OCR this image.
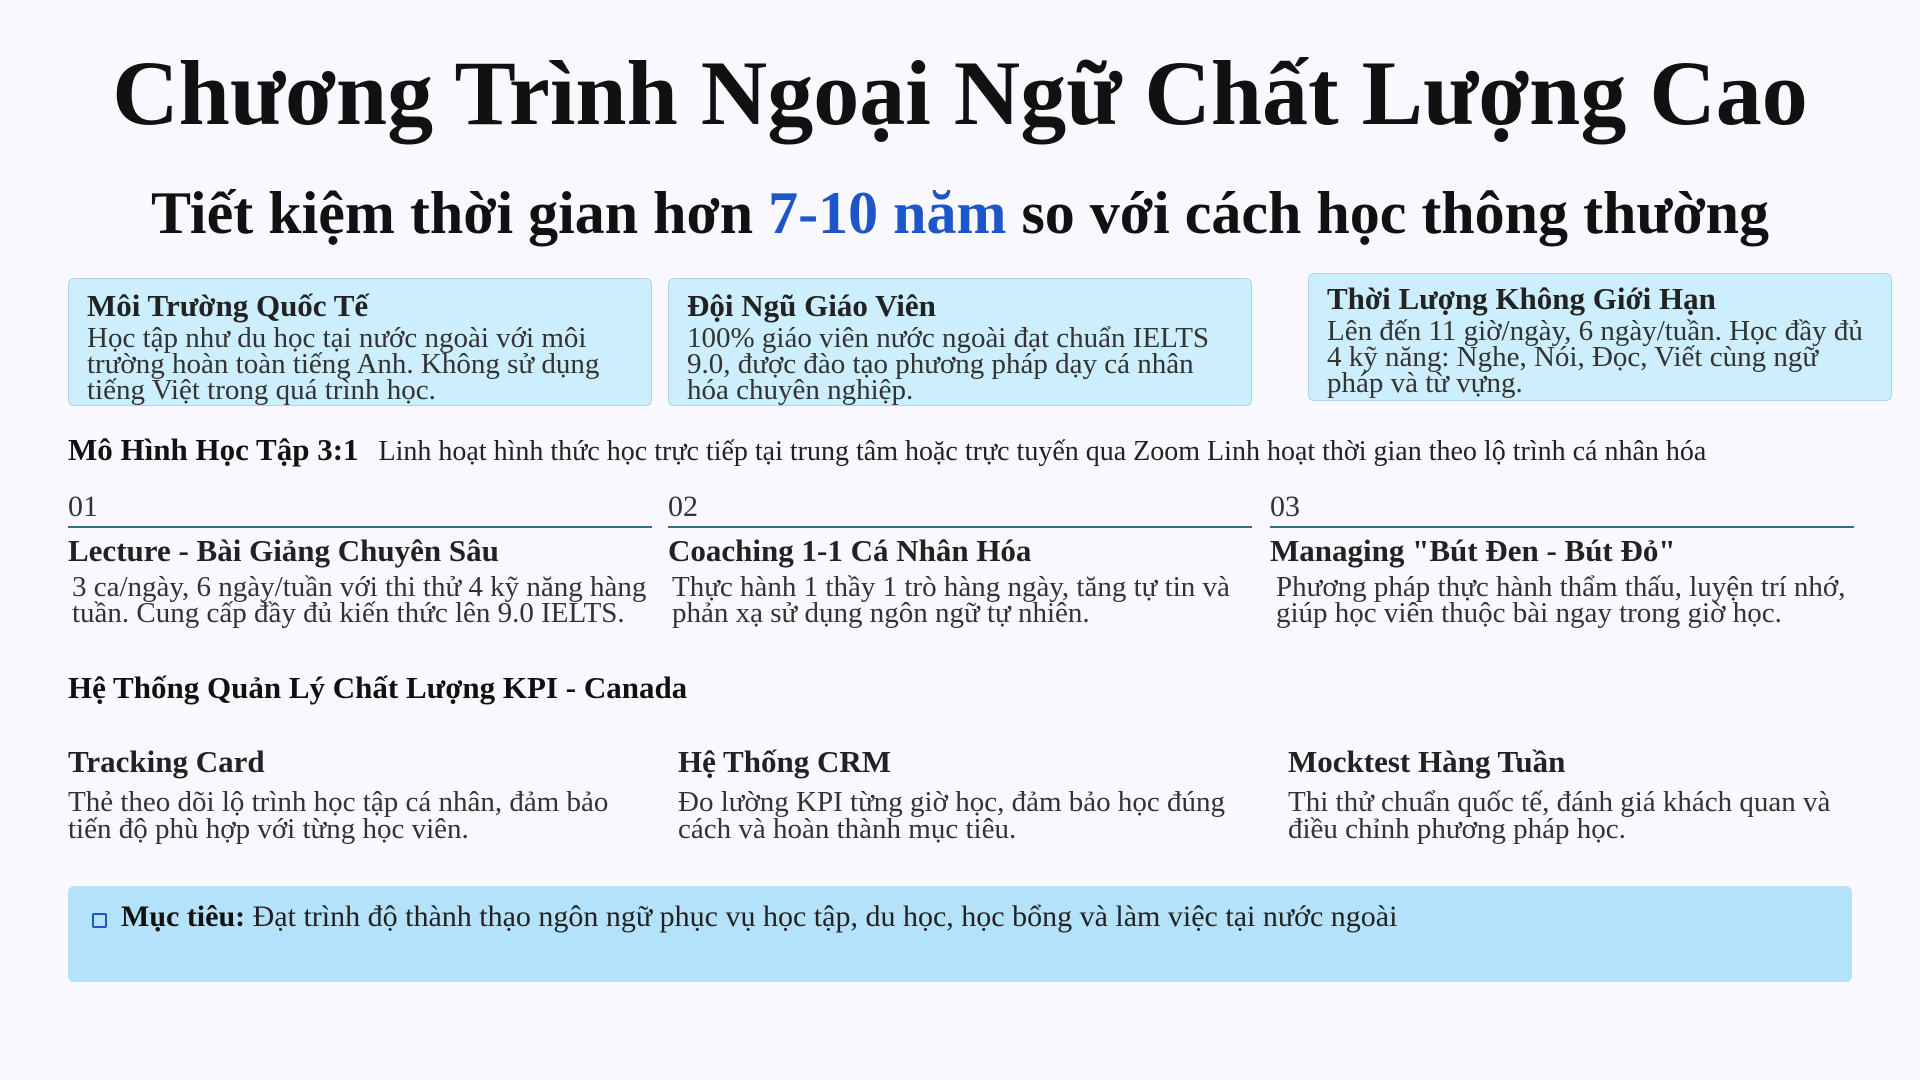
Chương Trình Ngoại Ngữ Chất Lượng Cao
Tiết kiệm thời gian hơn 7-10 năm so với cách học thông thường
Môi Trường Quốc Tế

Học tập như du học tại nước ngoài với môi trường hoàn toàn tiếng Anh. Không sử dụng tiếng Việt trong quá trình học.

Đội Ngũ Giáo Viên

100% giáo viên nước ngoài đạt chuẩn IELTS 9.0, được đào tạo phương pháp dạy cá nhân hóa chuyên nghiệp.

Thời Lượng Không Giới Hạn

Lên đến 11 giờ/ngày, 6 ngày/tuần. Học đầy đủ 4 kỹ năng: Nghe, Nói, Đọc, Viết cùng ngữ pháp và từ vựng.

Mô Hình Học Tập 3:1 Linh hoạt hình thức học trực tiếp tại trung tâm hoặc trực tuyến qua Zoom Linh hoạt thời gian theo lộ trình cá nhân hóa
01
Lecture - Bài Giảng Chuyên Sâu

3 ca/ngày, 6 ngày/tuần với thi thử 4 kỹ năng hàng tuần. Cung cấp đầy đủ kiến thức lên 9.0 IELTS.

02
Coaching 1-1 Cá Nhân Hóa

Thực hành 1 thầy 1 trò hàng ngày, tăng tự tin và phản xạ sử dụng ngôn ngữ tự nhiên.

03
Managing "Bút Đen - Bút Đỏ"

Phương pháp thực hành thẩm thấu, luyện trí nhớ, giúp học viên thuộc bài ngay trong giờ học.

Hệ Thống Quản Lý Chất Lượng KPI - Canada
Tracking Card

Thẻ theo dõi lộ trình học tập cá nhân, đảm bảo tiến độ phù hợp với từng học viên.

Hệ Thống CRM

Đo lường KPI từng giờ học, đảm bảo học đúng cách và hoàn thành mục tiêu.

Mocktest Hàng Tuần

Thi thử chuẩn quốc tế, đánh giá khách quan và điều chỉnh phương pháp học.

Mục tiêu: Đạt trình độ thành thạo ngôn ngữ phục vụ học tập, du học, học bổng và làm việc tại nước ngoài
